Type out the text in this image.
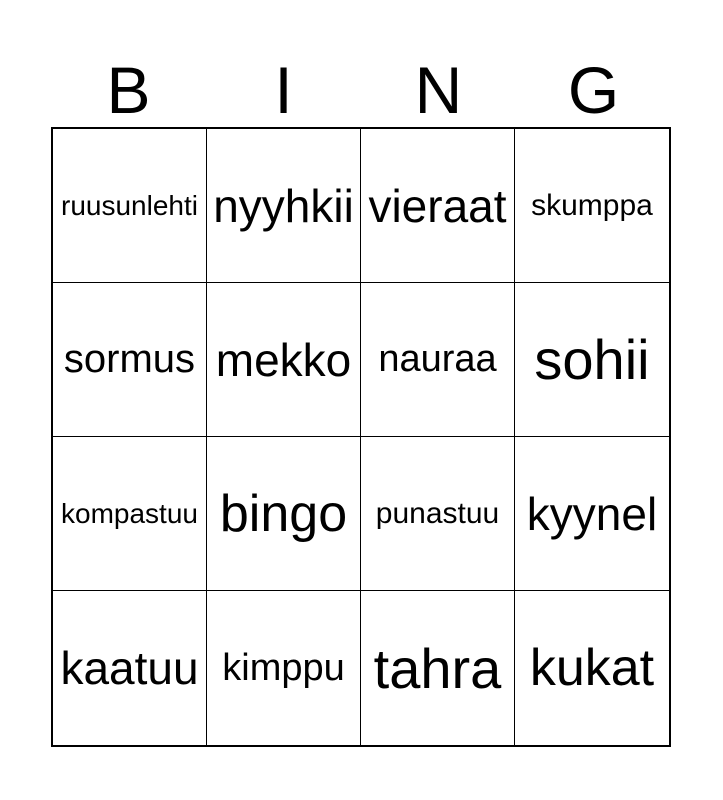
B	I	N	G
ruusunlehti nyyhkii vieraat skumppa
sormus mekko nauraa sohii
kompastuu bingo punastuu kyynel
kaatuu kimppu tahra kukat
